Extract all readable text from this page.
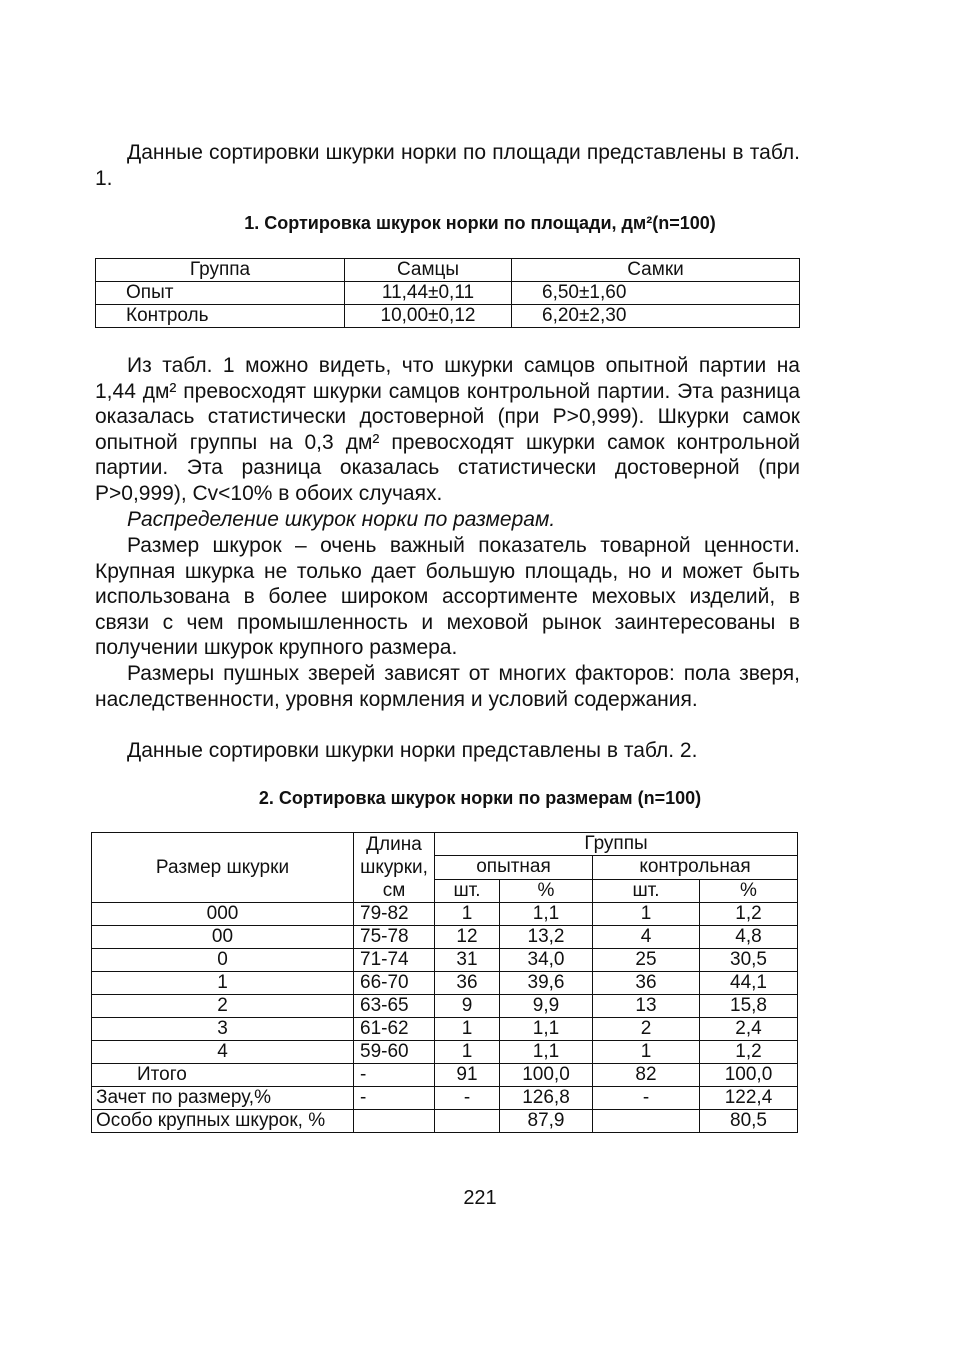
Данные сортировки шкурки норки по площади представлены в табл. 1.

1. Сортировка шкурок норки по площади, дм²(n=100)

Группа	Самцы	Самки
Опыт	11,44±0,11	6,50±1,60
Контроль	10,00±0,12	6,20±2,30

Из табл. 1 можно видеть, что шкурки самцов опытной партии на 1,44 дм² превосходят шкурки самцов контрольной партии. Эта разница оказалась статистически достоверной (при P>0,999). Шкурки самок опытной группы на 0,3 дм² превосходят шкурки самок контрольной партии. Эта разница оказалась статистически достоверной (при P>0,999), Cv<10% в обоих случаях.

Распределение шкурок норки по размерам.

Размер шкурок – очень важный показатель товарной ценности. Крупная шкурка не только дает большую площадь, но и может быть использована в более широком ассортименте меховых изделий, в связи с чем промышленность и меховой рынок заинтересованы в получении шкурок крупного размера.

Размеры пушных зверей зависят от многих факторов: пола зверя, наследственности, уровня кормления и условий содержания.

Данные сортировки шкурки норки представлены в табл. 2.

2. Сортировка шкурок норки по размерам (n=100)

Размер шкурки	Длина шкурки, см	Группы			
		опытная		контрольная	
		шт.	%	шт.	%
000	79-82	1	1,1	1	1,2
00	75-78	12	13,2	4	4,8
0	71-74	31	34,0	25	30,5
1	66-70	36	39,6	36	44,1
2	63-65	9	9,9	13	15,8
3	61-62	1	1,1	2	2,4
4	59-60	1	1,1	1	1,2
Итого	-	91	100,0	82	100,0
Зачет по размеру,%	-	-	126,8	-	122,4
Особо крупных шкурок, %			87,9		80,5
221
